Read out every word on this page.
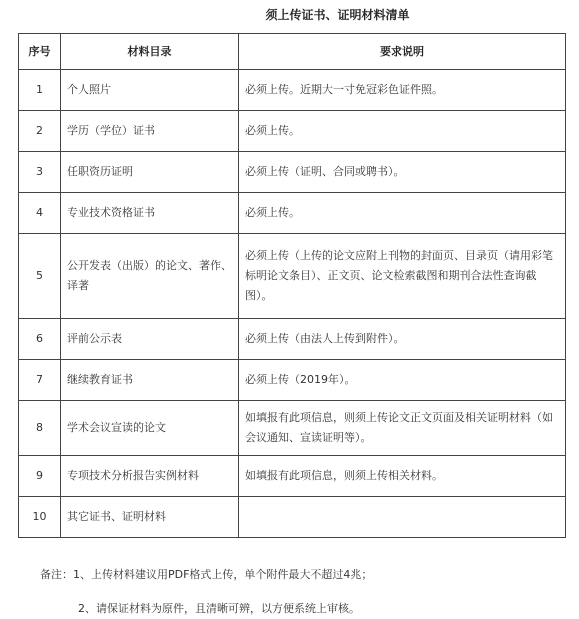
须上传证书、证明材料清单
序号	材料目录	要求说明
1	个人照片	必须上传。近期大一寸免冠彩色证件照。
2	学历（学位）证书	必须上传。
3	任职资历证明	必须上传（证明、合同或聘书）。
4	专业技术资格证书	必须上传。
5	公开发表（出版）的论文、著作、译著	必须上传（上传的论文应附上刊物的封面页、目录页（请用彩笔标明论文条目）、正文页、论文检索截图和期刊合法性查询截图）。
6	评前公示表	必须上传（由法人上传到附件）。
7	继续教育证书	必须上传（2019年）。
8	学术会议宣读的论文	如填报有此项信息，则须上传论文正文页面及相关证明材料（如会议通知、宣读证明等）。
9	专项技术分析报告实例材料	如填报有此项信息，则须上传相关材料。
10	其它证书、证明材料	
备注：1、上传材料建议用PDF格式上传，单个附件最大不超过4兆；
2、请保证材料为原件，且清晰可辨，以方便系统上审核。
